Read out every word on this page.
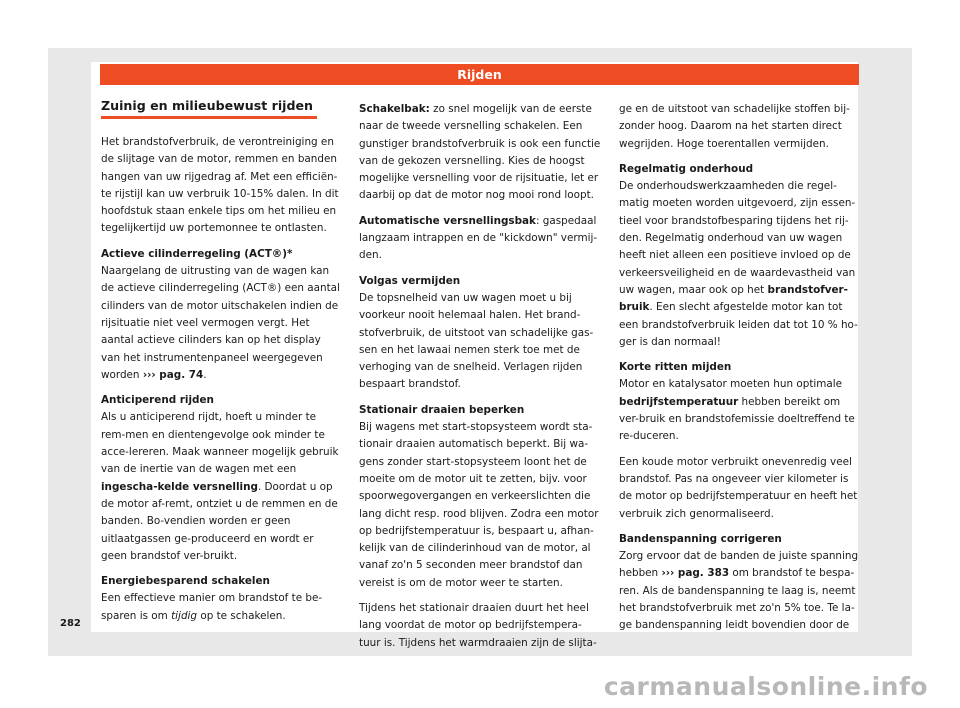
Rijden
Zuinig en milieubewust rijden

Het brandstofverbruik, de verontreiniging en de slijtage van de motor, remmen en banden hangen van uw rijgedrag af. Met een efficiën-te rijstijl kan uw verbruik 10-15% dalen. In dit hoofdstuk staan enkele tips om het milieu en tegelijkertijd uw portemonnee te ontlasten.

Actieve cilinderregeling (ACT®)*

Naargelang de uitrusting van de wagen kan de actieve cilinderregeling (ACT®) een aantal cilinders van de motor uitschakelen indien de rijsituatie niet veel vermogen vergt. Het aantal actieve cilinders kan op het display van het instrumentenpaneel weergegeven worden ››› pag. 74.

Anticiperend rijden

Als u anticiperend rijdt, hoeft u minder te rem-men en dientengevolge ook minder te acce-lereren. Maak wanneer mogelijk gebruik van de inertie van de wagen met een ingescha-kelde versnelling. Doordat u op de motor af-remt, ontziet u de remmen en de banden. Bo-vendien worden er geen uitlaatgassen ge-produceerd en wordt er geen brandstof ver-bruikt.

Energiebesparend schakelen

Een effectieve manier om brandstof te be-sparen is om tijdig op te schakelen.

Schakelbak: zo snel mogelijk van de eerste naar de tweede versnelling schakelen. Een gunstiger brandstofverbruik is ook een functie van de gekozen versnelling. Kies de hoogst mogelijke versnelling voor de rijsituatie, let er daarbij op dat de motor nog mooi rond loopt.

Automatische versnellingsbak: gaspedaal langzaam intrappen en de "kickdown" vermij-den.

Volgas vermijden

De topsnelheid van uw wagen moet u bij voorkeur nooit helemaal halen. Het brand-stofverbruik, de uitstoot van schadelijke gas-sen en het lawaai nemen sterk toe met de verhoging van de snelheid. Verlagen rijden bespaart brandstof.

Stationair draaien beperken

Bij wagens met start-stopsysteem wordt sta-tionair draaien automatisch beperkt. Bij wa-gens zonder start-stopsysteem loont het de moeite om de motor uit te zetten, bijv. voor spoorwegovergangen en verkeerslichten die lang dicht resp. rood blijven. Zodra een motor op bedrijfstemperatuur is, bespaart u, afhan-kelijk van de cilinderinhoud van de motor, al vanaf zo'n 5 seconden meer brandstof dan vereist is om de motor weer te starten.

Tijdens het stationair draaien duurt het heel lang voordat de motor op bedrijfstempera-tuur is. Tijdens het warmdraaien zijn de slijta-

ge en de uitstoot van schadelijke stoffen bij-zonder hoog. Daarom na het starten direct wegrijden. Hoge toerentallen vermijden.

Regelmatig onderhoud

De onderhoudswerkzaamheden die regel-matig moeten worden uitgevoerd, zijn essen-tieel voor brandstofbesparing tijdens het rij-den. Regelmatig onderhoud van uw wagen heeft niet alleen een positieve invloed op de verkeersveiligheid en de waardevastheid van uw wagen, maar ook op het brandstofver-bruik. Een slecht afgestelde motor kan tot een brandstofverbruik leiden dat tot 10 % ho-ger is dan normaal!

Korte ritten mijden

Motor en katalysator moeten hun optimale bedrijfstemperatuur hebben bereikt om ver-bruik en brandstofemissie doeltreffend te re-duceren.

Een koude motor verbruikt onevenredig veel brandstof. Pas na ongeveer vier kilometer is de motor op bedrijfstemperatuur en heeft het verbruik zich genormaliseerd.

Bandenspanning corrigeren

Zorg ervoor dat de banden de juiste spanning hebben ››› pag. 383 om brandstof te bespa-ren. Als de bandenspanning te laag is, neemt het brandstofverbruik met zo'n 5% toe. Te la-ge bandenspanning leidt bovendien door de

282
carmanualsonline.info
